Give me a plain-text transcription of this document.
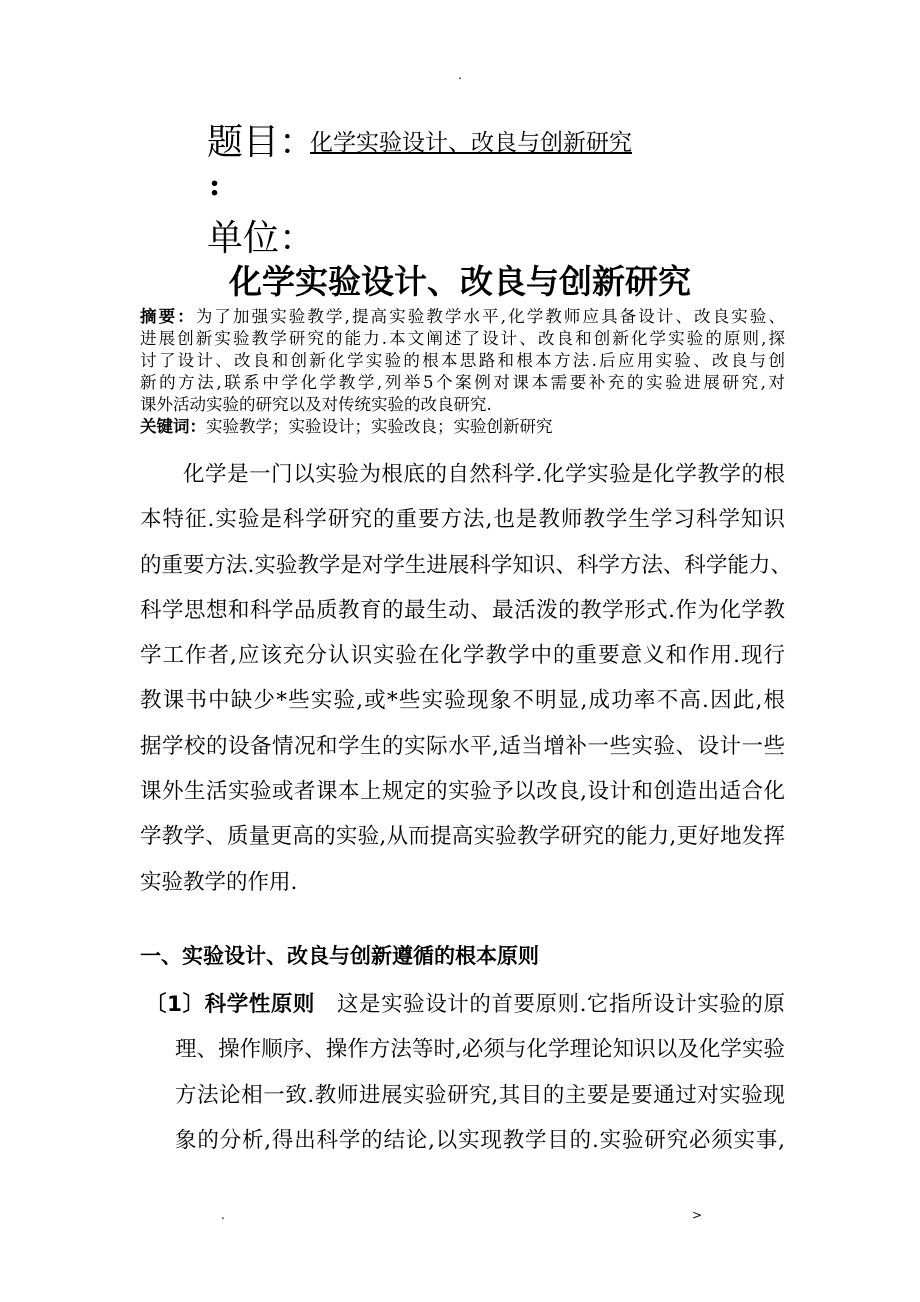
.
题目：
化学实验设计、改良与创新研究
:
单位：
化学实验设计、改良与创新研究
摘要：为了加强实验教学,提高实验教学水平,化学教师应具备设计、改良实验、
进展创新实验教学研究的能力.本文阐述了设计、改良和创新化学实验的原则,探
讨了设计、改良和创新化学实验的根本思路和根本方法.后应用实验、改良与创
新的方法,联系中学化学教学,列举5个案例对课本需要补充的实验进展研究,对
课外活动实验的研究以及对传统实验的改良研究.
关键词：实验教学；实验设计；实验改良；实验创新研究
化学是一门以实验为根底的自然科学.化学实验是化学教学的根
本特征.实验是科学研究的重要方法,也是教师教学生学习科学知识
的重要方法.实验教学是对学生进展科学知识、科学方法、科学能力、
科学思想和科学品质教育的最生动、最活泼的教学形式.作为化学教
学工作者,应该充分认识实验在化学教学中的重要意义和作用.现行
教课书中缺少*些实验,或*些实验现象不明显,成功率不高.因此,根
据学校的设备情况和学生的实际水平,适当增补一些实验、设计一些
课外生活实验或者课本上规定的实验予以改良,设计和创造出适合化
学教学、质量更高的实验,从而提高实验教学研究的能力,更好地发挥
实验教学的作用.
一、实验设计、改良与创新遵循的根本原则
〔1〕科学性原则 这是实验设计的首要原则.它指所设计实验的原
理、操作顺序、操作方法等时,必须与化学理论知识以及化学实验
方法论相一致.教师进展实验研究,其目的主要是要通过对实验现
象的分析,得出科学的结论,以实现教学目的.实验研究必须实事,
.	>
